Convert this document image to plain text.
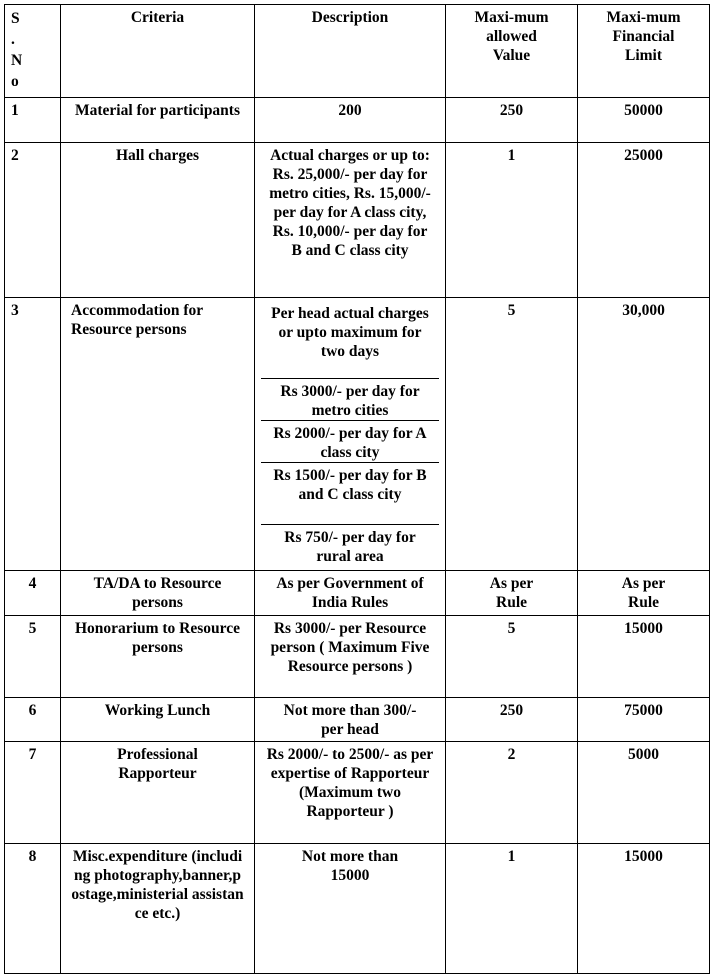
S
.
N
o	Criteria	Description	Maxi-mum allowed Value	Maxi-mum Financial Limit

1	Material for participants	200	250	50000
2	Hall charges	Actual charges or up to: Rs. 25,000/- per day for metro cities, Rs. 15,000/- per day for A class city, Rs. 10,000/- per day for B and C class city	1	25000
3	Accommodation for Resource persons	Per head actual charges or upto maximum for two days
Rs 3000/- per day for metro cities
Rs 2000/- per day for A class city
Rs 1500/- per day for B and C class city
Rs 750/- per day for rural area	5	30,000
4	TA/DA to Resource persons	As per Government of India Rules	As per Rule	As per Rule

5	Honorarium to Resource persons	Rs 3000/- per Resource person ( Maximum Five Resource persons )	5	15000
6	Working Lunch	Not more than 300/- per head	250	75000
7	Professional Rapporteur	Rs 2000/- to 2500/- as per expertise of Rapporteur (Maximum two Rapporteur )	2	5000
8	Misc.expenditure (including photography,banner,postage,ministerial assistance etc.)	Not more than 15000	1	15000
